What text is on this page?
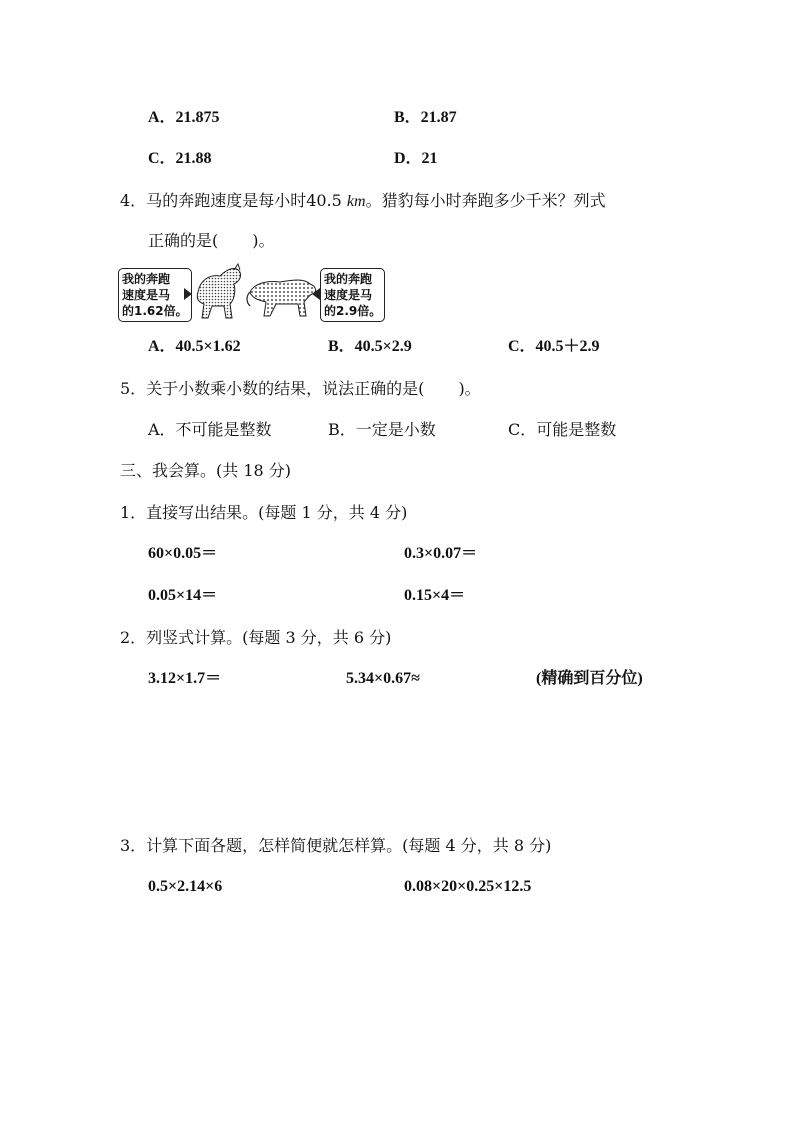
A．21.875	B．21.87
C．21.88	D．21
4．马的奔跑速度是每小时40.5 km。猎豹每小时奔跑多少千米？列式
正确的是( )。
我的奔跑
速度是马
的1.62倍。
我的奔跑
速度是马
的2.9倍。
A．40.5×1.62	B．40.5×2.9	C．40.5＋2.9
5．关于小数乘小数的结果，说法正确的是( )。
A．不可能是整数	B．一定是小数	C．可能是整数
三、我会算。(共 18 分)
1．直接写出结果。(每题 1 分，共 4 分)
60×0.05＝	0.3×0.07＝
0.05×14＝	0.15×4＝
2．列竖式计算。(每题 3 分，共 6 分)
3.12×1.7＝	5.34×0.67≈	(精确到百分位)
3．计算下面各题，怎样简便就怎样算。(每题 4 分，共 8 分)
0.5×2.14×6	0.08×20×0.25×12.5
